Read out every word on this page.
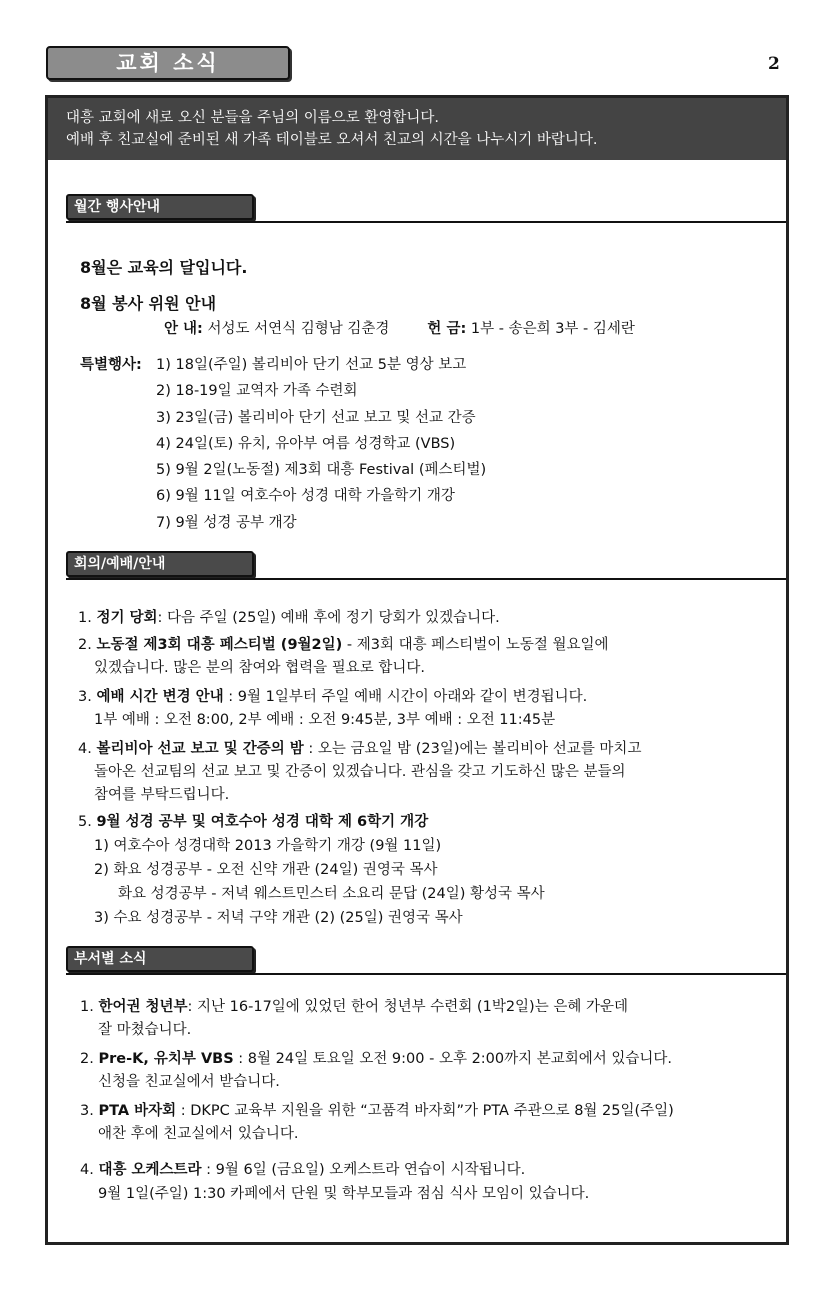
교회 소식	2
대흥 교회에 새로 오신 분들을 주님의 이름으로 환영합니다.
예배 후 친교실에 준비된 새 가족 테이블로 오셔서 친교의 시간을 나누시기 바랍니다.
월간 행사안내
8월은 교육의 달입니다.
8월 봉사 위원 안내
안 내: 서성도 서연식 김형남 김춘경	헌 금: 1부 - 송은희 3부 - 김세란
특별행사: 1) 18일(주일) 볼리비아 단기 선교 5분 영상 보고
2) 18-19일 교역자 가족 수련회
3) 23일(금) 볼리비아 단기 선교 보고 및 선교 간증
4) 24일(토) 유치, 유아부 여름 성경학교 (VBS)
5) 9월 2일(노동절) 제3회 대흥 Festival (페스티벌)
6) 9월 11일 여호수아 성경 대학 가을학기 개강
7) 9월 성경 공부 개강
회의/예배/안내
1. 정기 당회: 다음 주일 (25일) 예배 후에 정기 당회가 있겠습니다.
2. 노동절 제3회 대흥 페스티벌 (9월2일) - 제3회 대흥 페스티벌이 노동절 월요일에
있겠습니다. 많은 분의 참여와 협력을 필요로 합니다.
3. 예배 시간 변경 안내 : 9월 1일부터 주일 예배 시간이 아래와 같이 변경됩니다.
1부 예배 : 오전 8:00, 2부 예배 : 오전 9:45분, 3부 예배 : 오전 11:45분
4. 볼리비아 선교 보고 및 간증의 밤 : 오는 금요일 밤 (23일)에는 볼리비아 선교를 마치고
돌아온 선교팀의 선교 보고 및 간증이 있겠습니다. 관심을 갖고 기도하신 많은 분들의
참여를 부탁드립니다.
5. 9월 성경 공부 및 여호수아 성경 대학 제 6학기 개강
1) 여호수아 성경대학 2013 가을학기 개강 (9월 11일)
2) 화요 성경공부 - 오전 신약 개관 (24일) 권영국 목사
화요 성경공부 - 저녁 웨스트민스터 소요리 문답 (24일) 황성국 목사
3) 수요 성경공부 - 저녁 구약 개관 (2) (25일) 권영국 목사
부서별 소식
1. 한어권 청년부: 지난 16-17일에 있었던 한어 청년부 수련회 (1박2일)는 은혜 가운데
잘 마쳤습니다.
2. Pre-K, 유치부 VBS : 8월 24일 토요일 오전 9:00 - 오후 2:00까지 본교회에서 있습니다.
신청을 친교실에서 받습니다.
3. PTA 바자회 : DKPC 교육부 지원을 위한 “고품격 바자회”가 PTA 주관으로 8월 25일(주일)
애찬 후에 친교실에서 있습니다.
4. 대흥 오케스트라 : 9월 6일 (금요일) 오케스트라 연습이 시작됩니다.
9월 1일(주일) 1:30 카페에서 단원 및 학부모들과 점심 식사 모임이 있습니다.
